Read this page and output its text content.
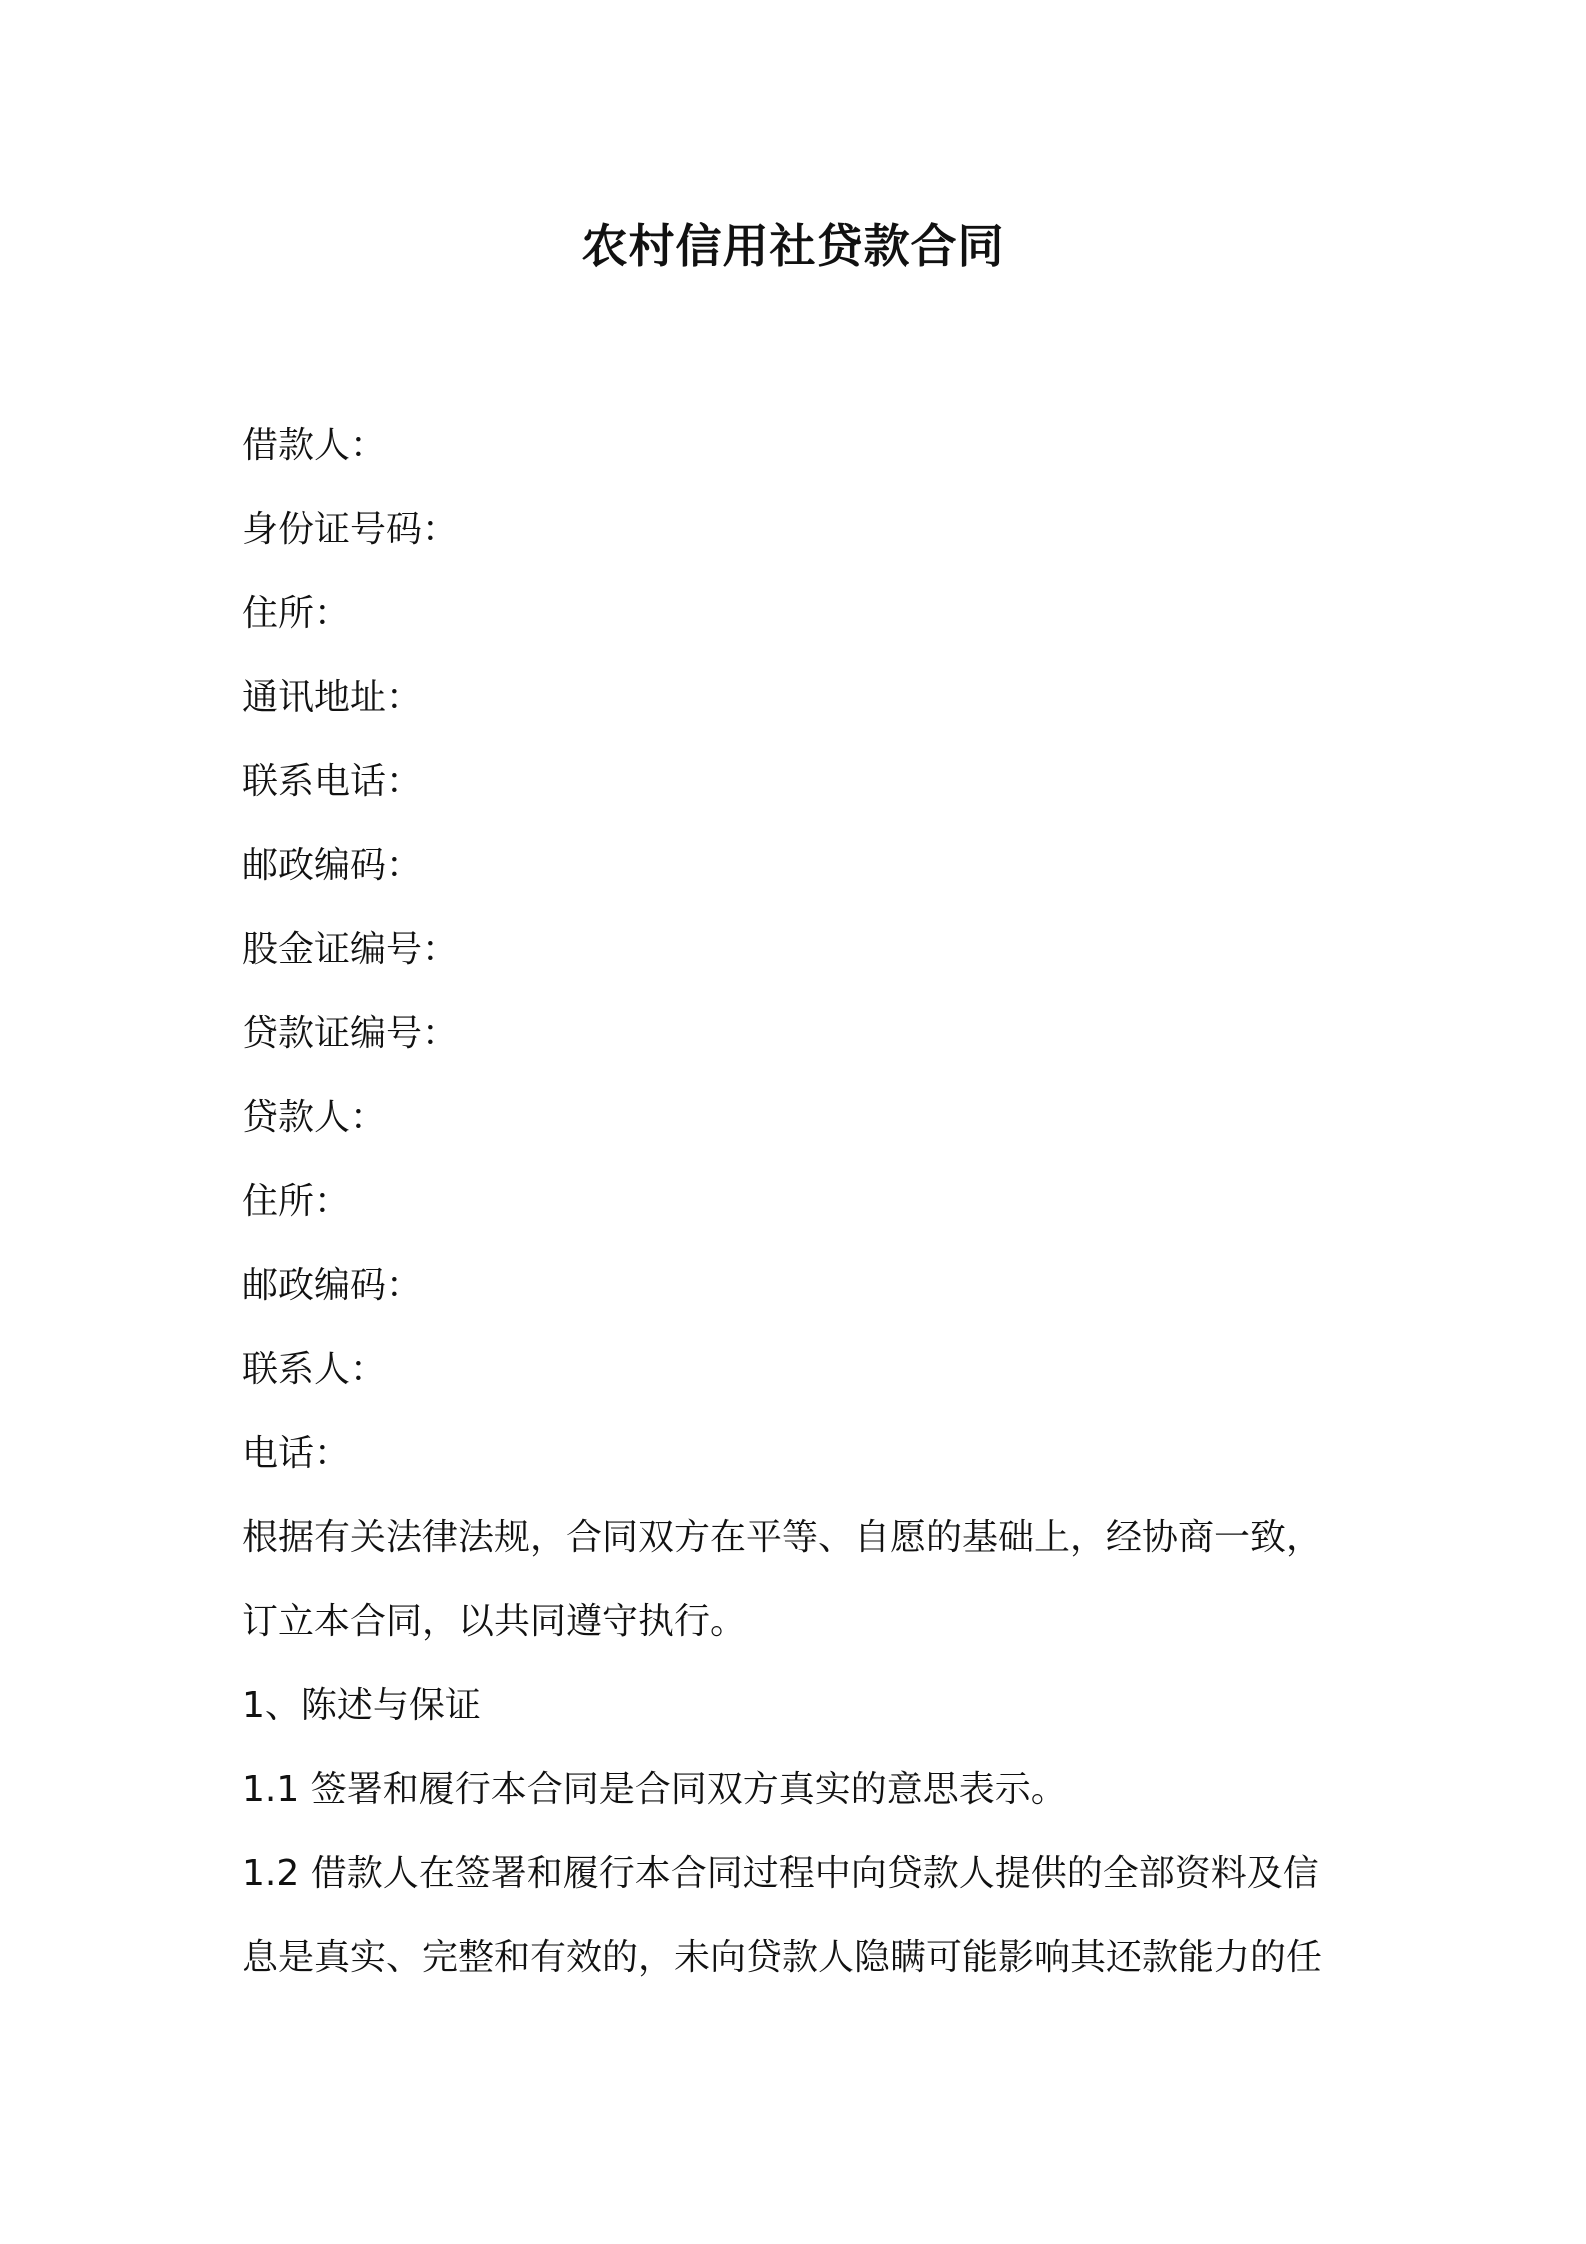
农村信用社贷款合同
借款人：
身份证号码：
住所：
通讯地址：
联系电话：
邮政编码：
股金证编号：
贷款证编号：
贷款人：
住所：
邮政编码：
联系人：
电话：
根据有关法律法规，合同双方在平等、自愿的基础上，经协商一致，
订立本合同，以共同遵守执行。
1、陈述与保证
1.1 签署和履行本合同是合同双方真实的意思表示。
1.2 借款人在签署和履行本合同过程中向贷款人提供的全部资料及信
息是真实、完整和有效的，未向贷款人隐瞒可能影响其还款能力的任
